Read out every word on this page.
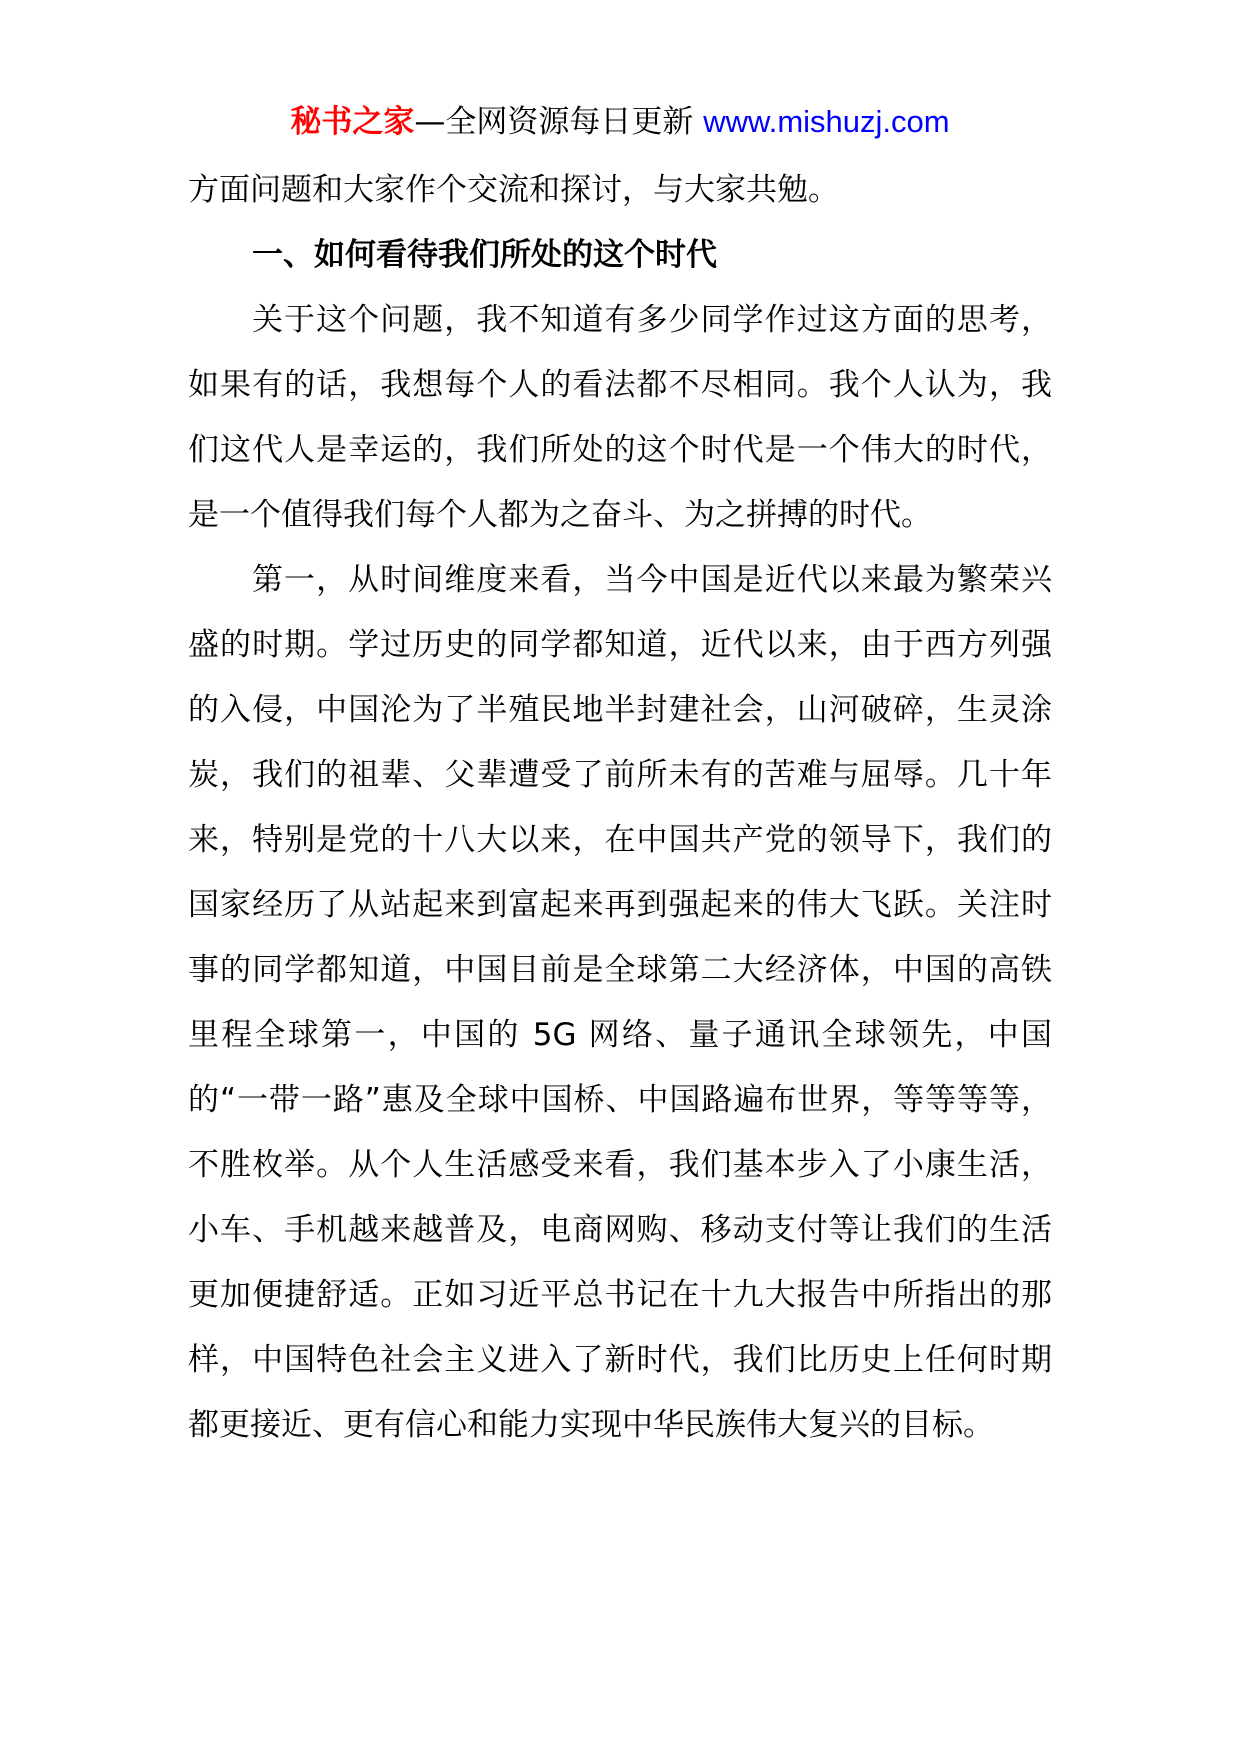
秘书之家—全网资源每日更新 www.mishuzj.com

方面问题和大家作个交流和探讨，与大家共勉。

一、如何看待我们所处的这个时代

关于这个问题，我不知道有多少同学作过这方面的思考，如果有的话，我想每个人的看法都不尽相同。我个人认为，我们这代人是幸运的，我们所处的这个时代是一个伟大的时代，是一个值得我们每个人都为之奋斗、为之拼搏的时代。

第一，从时间维度来看，当今中国是近代以来最为繁荣兴盛的时期。学过历史的同学都知道，近代以来，由于西方列强的入侵，中国沦为了半殖民地半封建社会，山河破碎，生灵涂炭，我们的祖辈、父辈遭受了前所未有的苦难与屈辱。几十年来，特别是党的十八大以来，在中国共产党的领导下，我们的国家经历了从站起来到富起来再到强起来的伟大飞跃。关注时事的同学都知道，中国目前是全球第二大经济体，中国的高铁里程全球第一，中国的 5G 网络、量子通讯全球领先，中国的“一带一路”惠及全球中国桥、中国路遍布世界，等等等等，不胜枚举。从个人生活感受来看，我们基本步入了小康生活，小车、手机越来越普及，电商网购、移动支付等让我们的生活更加便捷舒适。正如习近平总书记在十九大报告中所指出的那样，中国特色社会主义进入了新时代，我们比历史上任何时期都更接近、更有信心和能力实现中华民族伟大复兴的目标。
